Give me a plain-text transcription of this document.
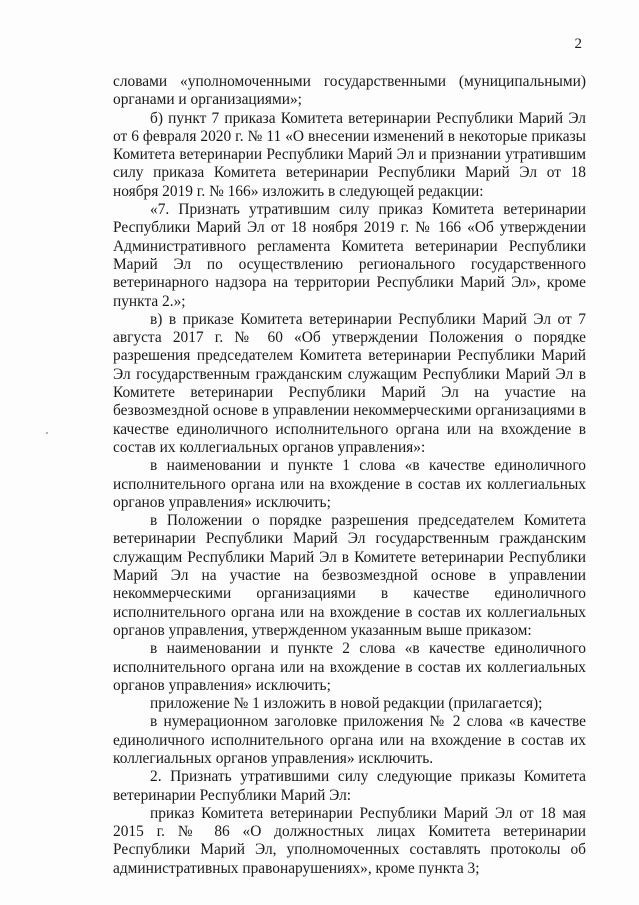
2

словами «уполномоченными государственными (муниципальными) органами и организациями»;

б) пункт 7 приказа Комитета ветеринарии Республики Марий Эл от 6 февраля 2020 г. № 11 «О внесении изменений в некоторые приказы Комитета ветеринарии Республики Марий Эл и признании утратившим силу приказа Комитета ветеринарии Республики Марий Эл от 18 ноября 2019 г. № 166» изложить в следующей редакции:

«7. Признать утратившим силу приказ Комитета ветеринарии Республики Марий Эл от 18 ноября 2019 г. № 166 «Об утверждении Административного регламента Комитета ветеринарии Республики Марий Эл по осуществлению регионального государственного ветеринарного надзора на территории Республики Марий Эл», кроме пункта 2.»;

в) в приказе Комитета ветеринарии Республики Марий Эл от 7 августа 2017 г. № 60 «Об утверждении Положения о порядке разрешения председателем Комитета ветеринарии Республики Марий Эл государственным гражданским служащим Республики Марий Эл в Комитете ветеринарии Республики Марий Эл на участие на безвозмездной основе в управлении некоммерческими организациями в качестве единоличного исполнительного органа или на вхождение в состав их коллегиальных органов управления»:

в наименовании и пункте 1 слова «в качестве единоличного исполнительного органа или на вхождение в состав их коллегиальных органов управления» исключить;

в Положении о порядке разрешения председателем Комитета ветеринарии Республики Марий Эл государственным гражданским служащим Республики Марий Эл в Комитете ветеринарии Республики Марий Эл на участие на безвозмездной основе в управлении некоммерческими организациями в качестве единоличного исполнительного органа или на вхождение в состав их коллегиальных органов управления, утвержденном указанным выше приказом:

в наименовании и пункте 2 слова «в качестве единоличного исполнительного органа или на вхождение в состав их коллегиальных органов управления» исключить;

приложение № 1 изложить в новой редакции (прилагается);

в нумерационном заголовке приложения № 2 слова «в качестве единоличного исполнительного органа или на вхождение в состав их коллегиальных органов управления» исключить.

2. Признать утратившими силу следующие приказы Комитета ветеринарии Республики Марий Эл:

приказ Комитета ветеринарии Республики Марий Эл от 18 мая 2015 г. № 86 «О должностных лицах Комитета ветеринарии Республики Марий Эл, уполномоченных составлять протоколы об административных правонарушениях», кроме пункта 3;
